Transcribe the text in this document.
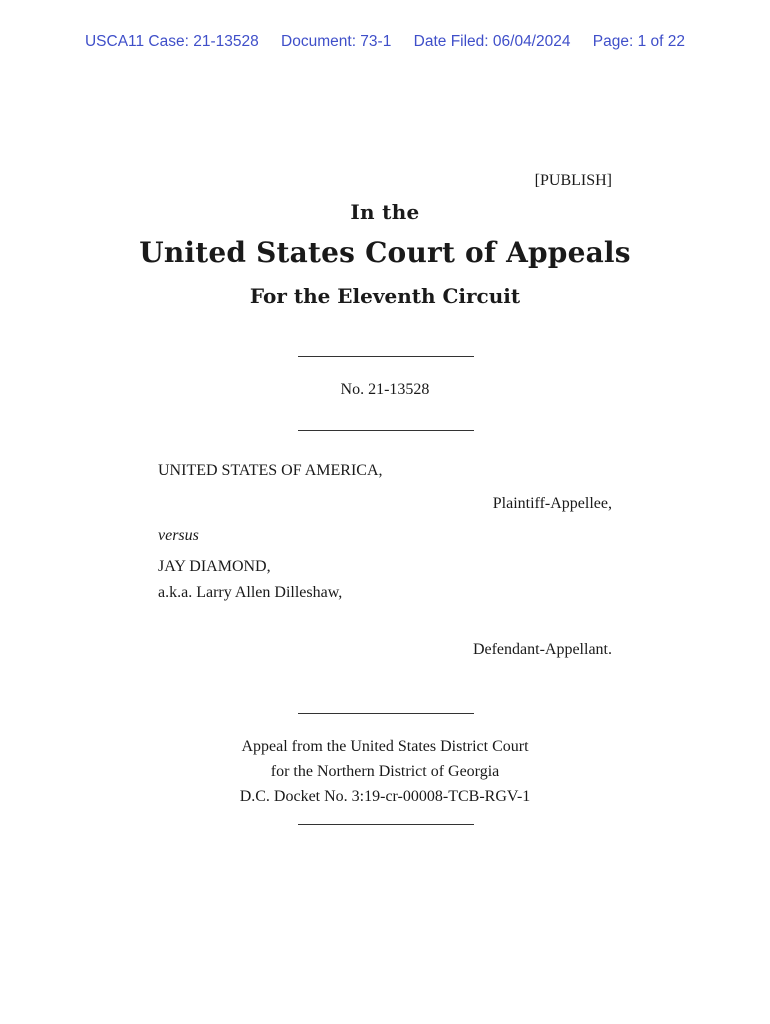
USCA11 Case: 21-13528 Document: 73-1 Date Filed: 06/04/2024 Page: 1 of 22
[PUBLISH]
In the
United States Court of Appeals
For the Eleventh Circuit
No. 21-13528
UNITED STATES OF AMERICA,
Plaintiff-Appellee,
versus
JAY DIAMOND,
a.k.a. Larry Allen Dilleshaw,
Defendant-Appellant.
Appeal from the United States District Court
for the Northern District of Georgia
D.C. Docket No. 3:19-cr-00008-TCB-RGV-1
